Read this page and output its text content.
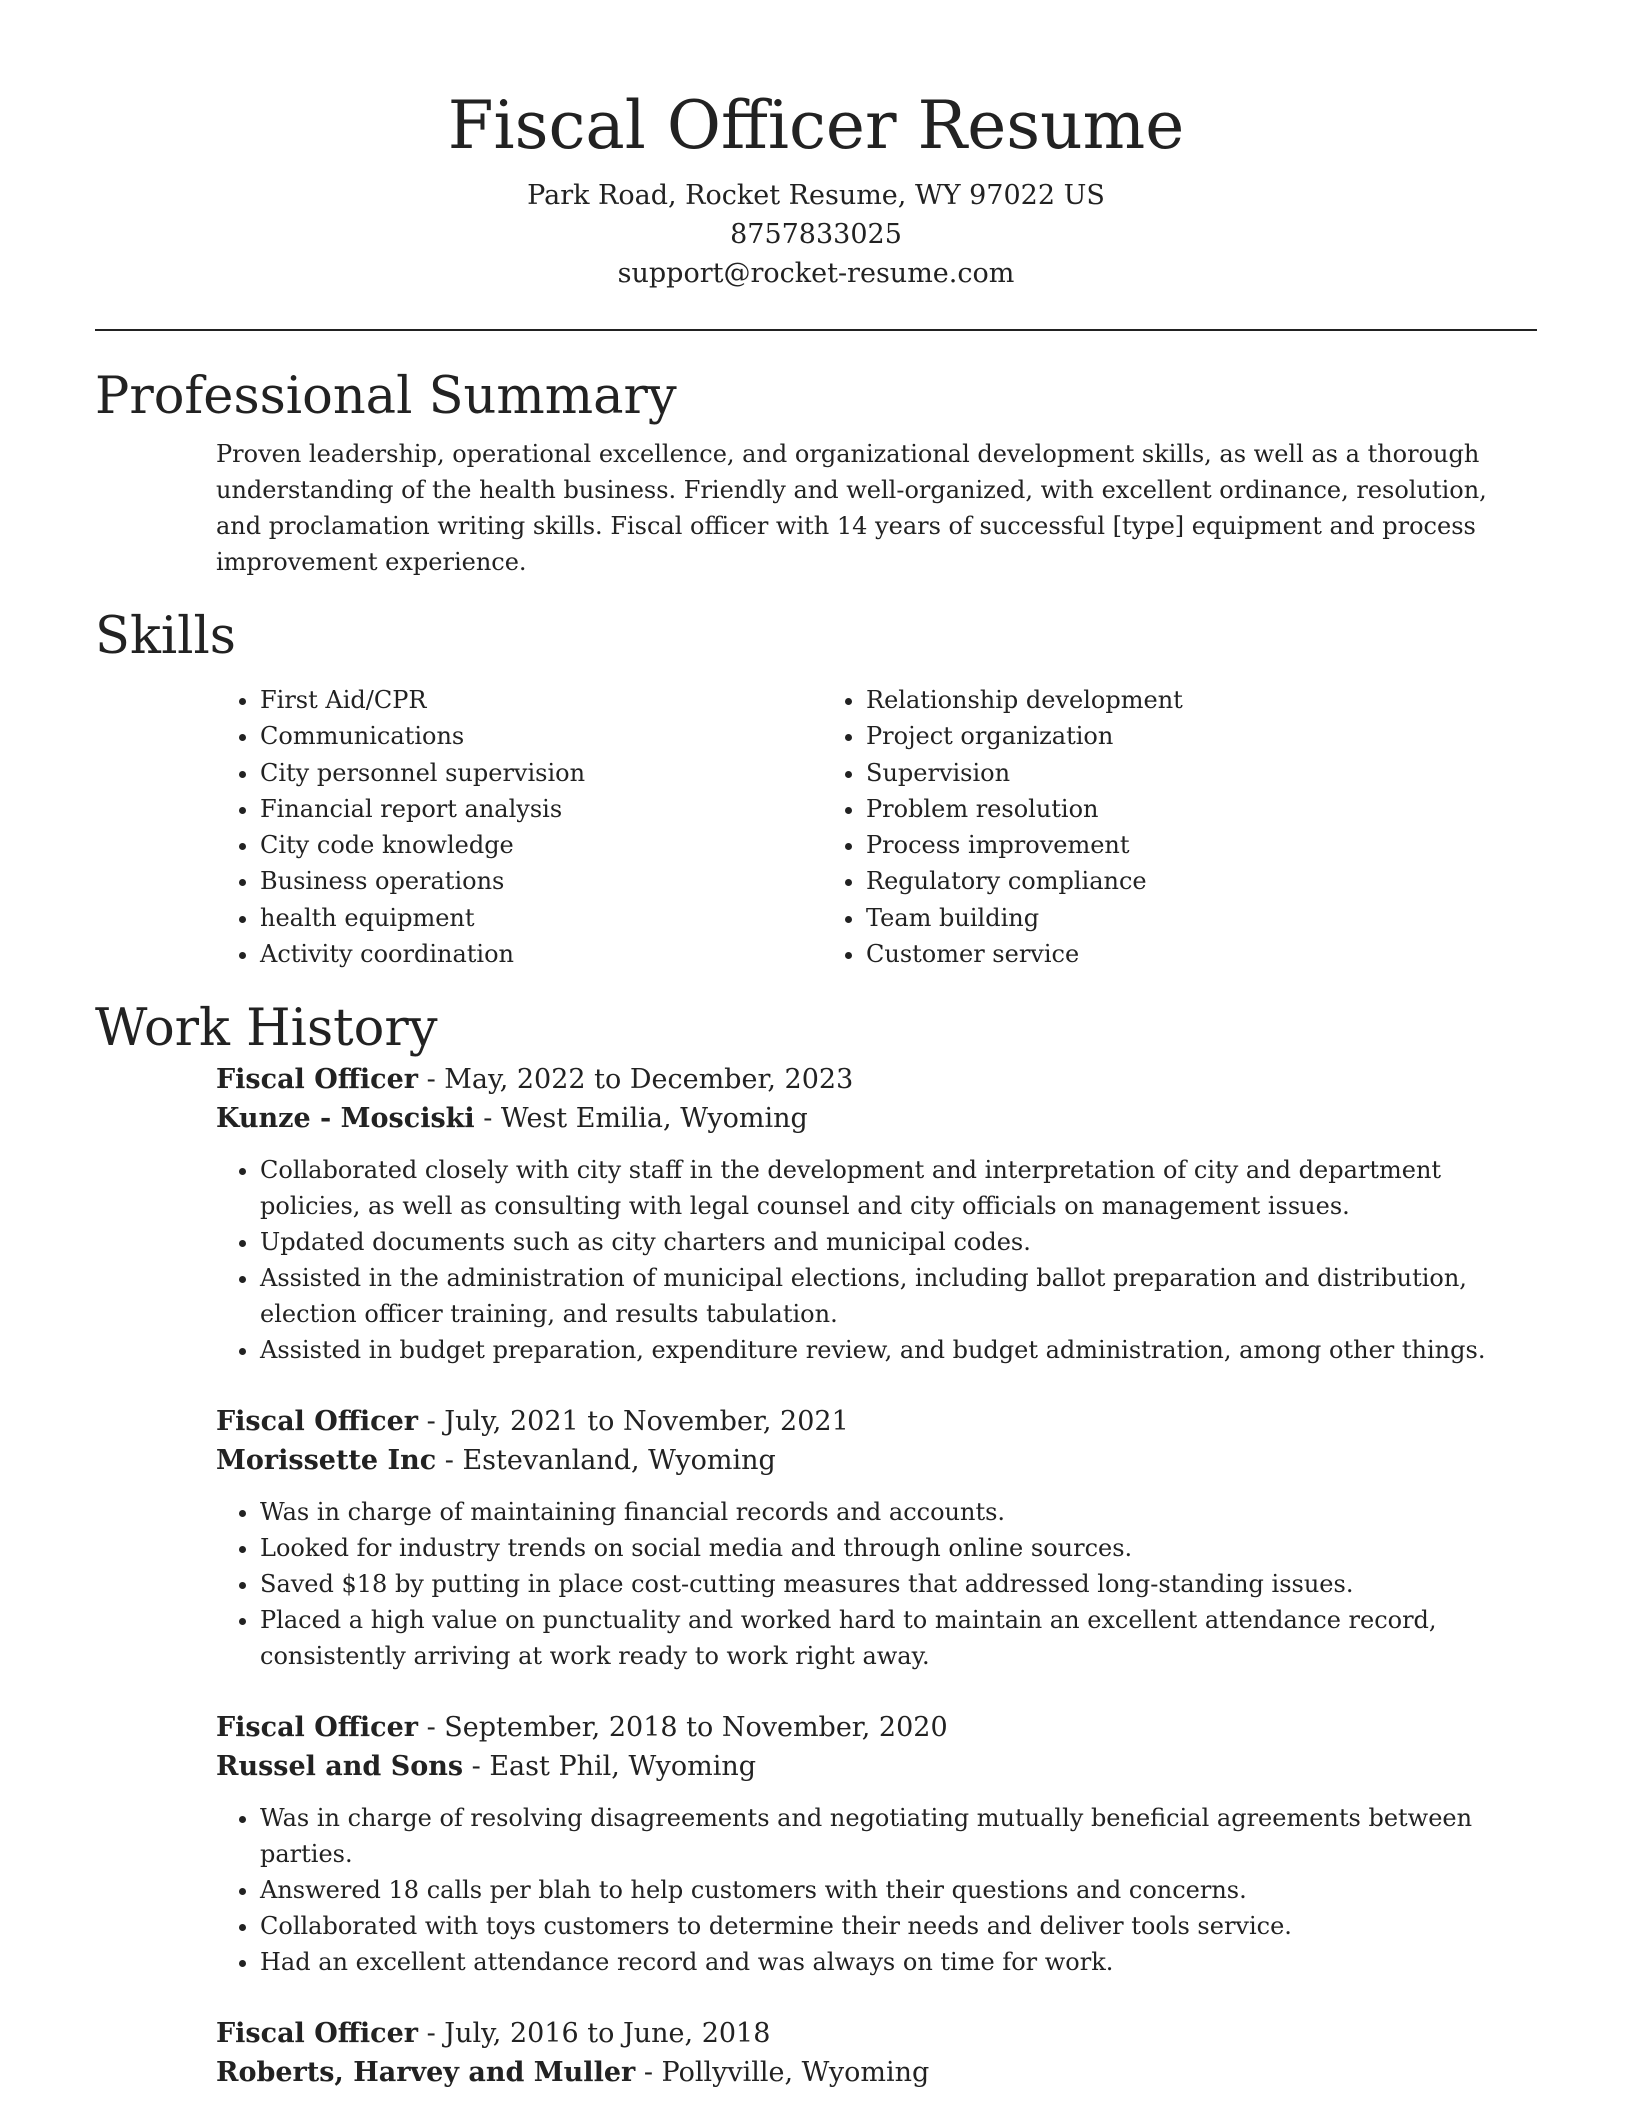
Fiscal Officer Resume
Park Road, Rocket Resume, WY 97022 US
8757833025
support@rocket-resume.com
Professional Summary

Proven leadership, operational excellence, and organizational development skills, as well as a thorough understanding of the health business. Friendly and well-organized, with excellent ordinance, resolution, and proclamation writing skills. Fiscal officer with 14 years of successful [type] equipment and process improvement experience.

Skills
• First Aid/CPR
• Communications
• City personnel supervision
• Financial report analysis
• City code knowledge
• Business operations
• health equipment
• Activity coordination
• Relationship development
• Project organization
• Supervision
• Problem resolution
• Process improvement
• Regulatory compliance
• Team building
• Customer service
Work History
Fiscal Officer - May, 2022 to December, 2023
Kunze - Mosciski - West Emilia, Wyoming
• Collaborated closely with city staff in the development and interpretation of city and department policies, as well as consulting with legal counsel and city officials on management issues.
• Updated documents such as city charters and municipal codes.
• Assisted in the administration of municipal elections, including ballot preparation and distribution, election officer training, and results tabulation.
• Assisted in budget preparation, expenditure review, and budget administration, among other things.
Fiscal Officer - July, 2021 to November, 2021
Morissette Inc - Estevanland, Wyoming
• Was in charge of maintaining financial records and accounts.
• Looked for industry trends on social media and through online sources.
• Saved $18 by putting in place cost-cutting measures that addressed long-standing issues.
• Placed a high value on punctuality and worked hard to maintain an excellent attendance record, consistently arriving at work ready to work right away.
Fiscal Officer - September, 2018 to November, 2020
Russel and Sons - East Phil, Wyoming
• Was in charge of resolving disagreements and negotiating mutually beneficial agreements between parties.
• Answered 18 calls per blah to help customers with their questions and concerns.
• Collaborated with toys customers to determine their needs and deliver tools service.
• Had an excellent attendance record and was always on time for work.
Fiscal Officer - July, 2016 to June, 2018
Roberts, Harvey and Muller - Pollyville, Wyoming
